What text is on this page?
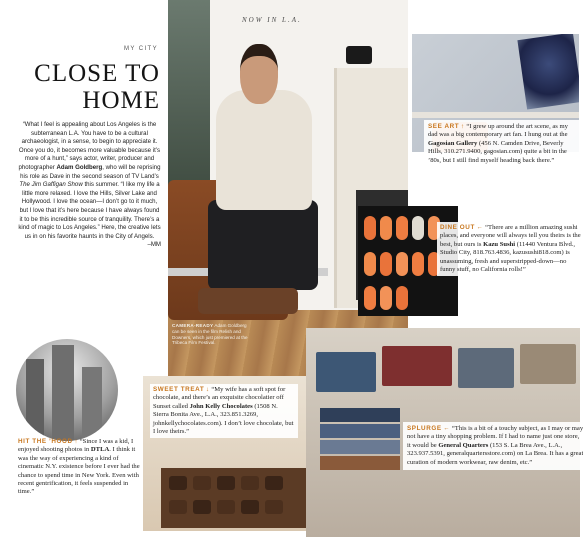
MY CITY
CLOSE TO
HOME
“What I feel is appealing about Los Angeles is the subterranean L.A. You have to be a cultural archaeologist, in a sense, to begin to appreciate it. Once you do, it becomes more valuable because it’s more of a hunt,” says actor, writer, producer and photographer Adam Goldberg, who will be reprising his role as Dave in the second season of TV Land’s The Jim Gaffigan Show this summer. “I like my life a little more relaxed. I love the Hills, Silver Lake and Hollywood. I love the ocean—I don’t go to it much, but I love that it’s here because I have always found it to be this incredible source of tranquility. There’s a kind of magic to Los Angeles.” Here, the creative lets us in on his favorite haunts in the City of Angels.
–MM
NOW IN L.A.
CAMERA-READY Adam Goldberg can be seen in the film Relish and Downers, which just premiered at the Tribeca Film Festival.
SEE ART ↑ “I grew up around the art scene, as my dad was a big contemporary art fan. I hung out at the Gagosian Gallery (456 N. Camden Drive, Beverly Hills, 310.271.9400, gagosian.com) quite a bit in the ’80s, but I still find myself heading back there.”
DINE OUT ← “There are a million amazing sushi places, and everyone will always tell you theirs is the best, but ours is Kazu Sushi (11440 Ventura Blvd., Studio City, 818.763.4836, kazusushi818.com) is unassuming, fresh and superstripped-down—no funny stuff, no California rolls!”
HIT THE ’HOOD ↑ “Since I was a kid, I enjoyed shooting photos in DTLA. I think it was the way of experiencing a kind of cinematic N.Y. existence before I ever had the chance to spend time in New York. Even with recent gentrification, it feels suspended in time.”
SWEET TREAT ↓ “My wife has a soft spot for chocolate, and there’s an exquisite chocolatier off Sunset called John Kelly Chocolates (1508 N. Sierra Bonita Ave., L.A., 323.851.3269, johnkellychocolates.com). I don’t love chocolate, but I love theirs.”	SPLURGE ← “This is a bit of a touchy subject, as I may or may not have a tiny shopping problem. If I had to name just one store, it would be General Quarters (153 S. La Brea Ave., L.A., 323.937.5391, generalquartersstore.com) on La Brea. It has a great curation of modern workwear, raw denim, etc.”
